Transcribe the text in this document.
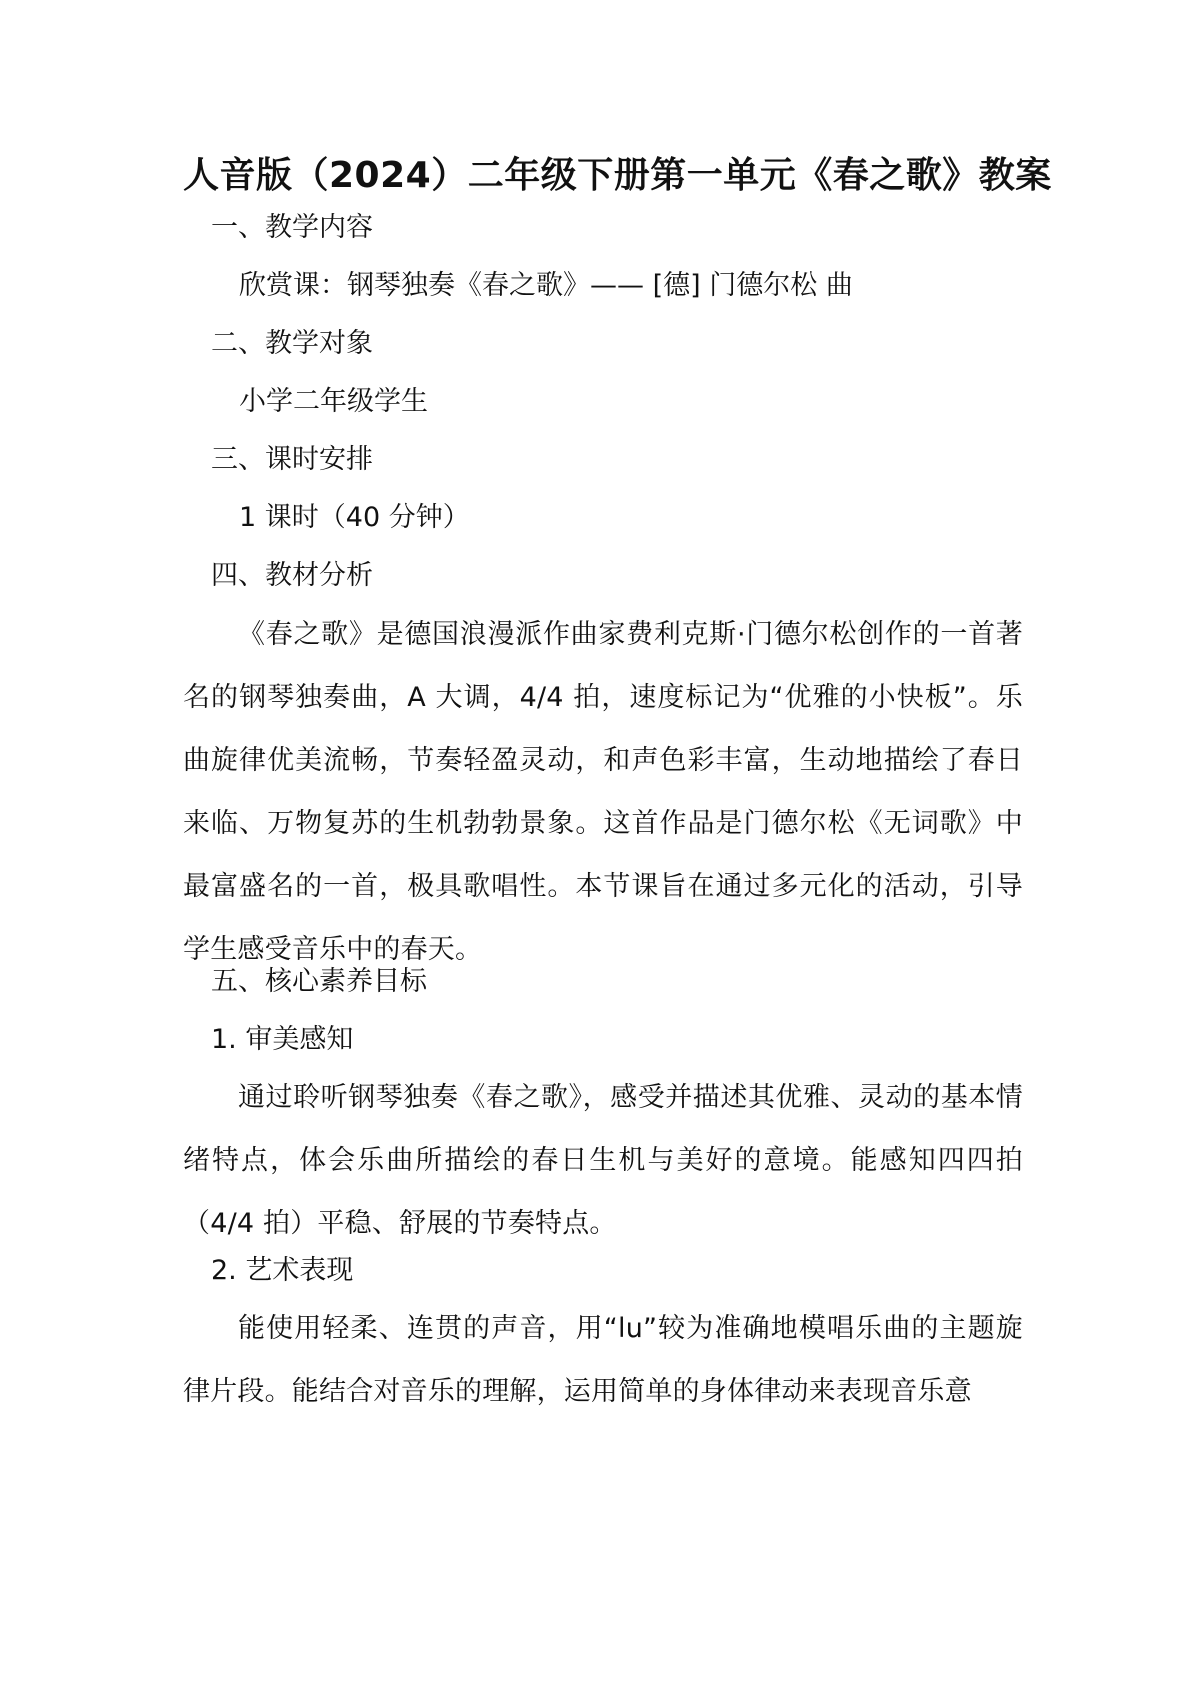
人音版（2024）二年级下册第一单元《春之歌》教案
一、教学内容
欣赏课：钢琴独奏《春之歌》—— [德] 门德尔松 曲
二、教学对象
小学二年级学生
三、课时安排
1 课时（40 分钟）
四、教材分析
《春之歌》是德国浪漫派作曲家费利克斯·门德尔松创作的一首著名的钢琴独奏曲，A 大调，4/4 拍，速度标记为“优雅的小快板”。乐曲旋律优美流畅，节奏轻盈灵动，和声色彩丰富，生动地描绘了春日来临、万物复苏的生机勃勃景象。这首作品是门德尔松《无词歌》中最富盛名的一首，极具歌唱性。本节课旨在通过多元化的活动，引导学生感受音乐中的春天。
五、核心素养目标
1. 审美感知
通过聆听钢琴独奏《春之歌》，感受并描述其优雅、灵动的基本情绪特点，体会乐曲所描绘的春日生机与美好的意境。能感知四四拍（4/4 拍）平稳、舒展的节奏特点。
2. 艺术表现
能使用轻柔、连贯的声音，用“lu”较为准确地模唱乐曲的主题旋律片段。能结合对音乐的理解，运用简单的身体律动来表现音乐意
